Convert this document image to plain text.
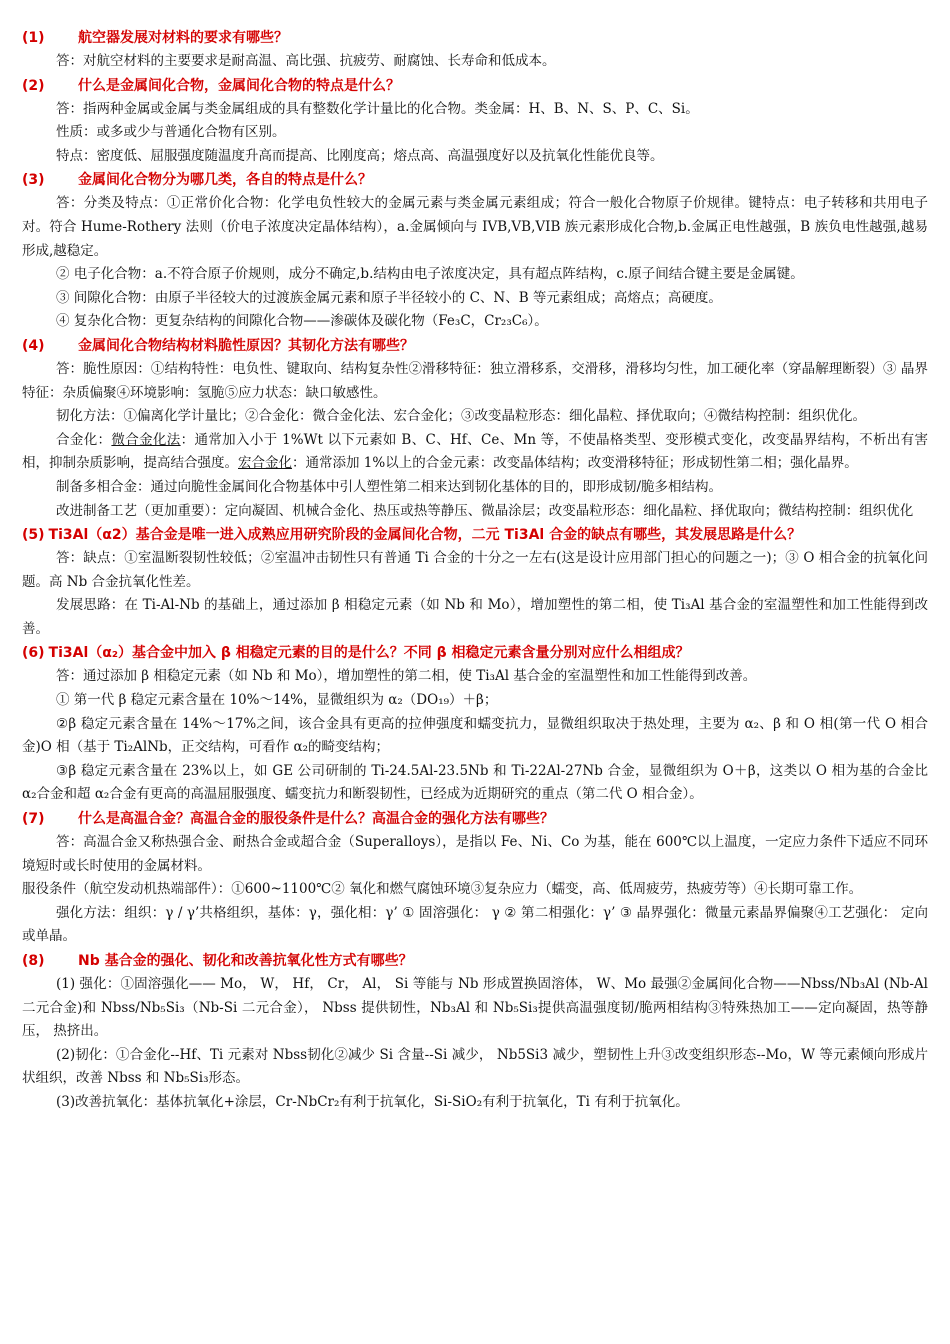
(1) 航空器发展对材料的要求有哪些？

答：对航空材料的主要要求是耐高温、高比强、抗疲劳、耐腐蚀、长寿命和低成本。

(2) 什么是金属间化合物，金属间化合物的特点是什么？

答：指两种金属或金属与类金属组成的具有整数化学计量比的化合物。类金属：H、B、N、S、P、C、Si。

性质：或多或少与普通化合物有区别。

特点：密度低、屈服强度随温度升高而提高、比刚度高；熔点高、高温强度好以及抗氧化性能优良等。

(3) 金属间化合物分为哪几类，各自的特点是什么？

答：分类及特点：①正常价化合物：化学电负性较大的金属元素与类金属元素组成；符合一般化合物原子价规律。键特点：电子转移和共用电子对。符合 Hume-Rothery 法则（价电子浓度决定晶体结构），a.金属倾向与 IVB,VB,VIB 族元素形成化合物,b.金属正电性越强，B 族负电性越强,越易形成,越稳定。

② 电子化合物：a.不符合原子价规则，成分不确定,b.结构由电子浓度决定，具有超点阵结构，c.原子间结合键主要是金属键。

③ 间隙化合物：由原子半径较大的过渡族金属元素和原子半径较小的 C、N、B 等元素组成；高熔点；高硬度。

④ 复杂化合物：更复杂结构的间隙化合物——渗碳体及碳化物（Fe₃C，Cr₂₃C₆）。

(4) 金属间化合物结构材料脆性原因？其韧化方法有哪些？

答：脆性原因：①结构特性：电负性、键取向、结构复杂性②滑移特征：独立滑移系，交滑移，滑移均匀性，加工硬化率（穿晶解理断裂）③ 晶界特征：杂质偏聚④环境影响：氢脆⑤应力状态：缺口敏感性。

韧化方法：①偏离化学计量比；②合金化：微合金化法、宏合金化；③改变晶粒形态：细化晶粒、择优取向；④微结构控制：组织优化。

合金化：微合金化法：通常加入小于 1%Wt 以下元素如 B、C、Hf、Ce、Mn 等，不使晶格类型、变形模式变化，改变晶界结构，不析出有害相，抑制杂质影响，提高结合强度。宏合金化：通常添加 1%以上的合金元素：改变晶体结构；改变滑移特征；形成韧性第二相；强化晶界。

制备多相合金：通过向脆性金属间化合物基体中引人塑性第二相来达到韧化基体的目的，即形成韧/脆多相结构。

改进制备工艺（更加重要）：定向凝固、机械合金化、热压或热等静压、微晶涂层；改变晶粒形态：细化晶粒、择优取向；微结构控制：组织优化

(5) Ti3Al（α2）基合金是唯一进入成熟应用研究阶段的金属间化合物，二元 Ti3Al 合金的缺点有哪些，其发展思路是什么？

答：缺点：①室温断裂韧性较低；②室温冲击韧性只有普通 Ti 合金的十分之一左右(这是设计应用部门担心的问题之一)；③ O 相合金的抗氧化问题。高 Nb 合金抗氧化性差。

发展思路：在 Ti-Al-Nb 的基础上，通过添加 β 相稳定元素（如 Nb 和 Mo），增加塑性的第二相，使 Ti₃Al 基合金的室温塑性和加工性能得到改善。

(6) Ti3Al（α₂）基合金中加入 β 相稳定元素的目的是什么？不同 β 相稳定元素含量分别对应什么相组成？

答：通过添加 β 相稳定元素（如 Nb 和 Mo），增加塑性的第二相，使 Ti₃Al 基合金的室温塑性和加工性能得到改善。

① 第一代 β 稳定元素含量在 10%～14%，显微组织为 α₂（DO₁₉）＋β；

②β 稳定元素含量在 14%～17%之间，该合金具有更高的拉伸强度和蠕变抗力，显微组织取决于热处理，主要为 α₂、β 和 O 相(第一代 O 相合金)O 相（基于 Ti₂AlNb，正交结构，可看作 α₂的畸变结构；

③β 稳定元素含量在 23%以上，如 GE 公司研制的 Ti-24.5Al-23.5Nb 和 Ti-22Al-27Nb 合金，显微组织为 O＋β，这类以 O 相为基的合金比 α₂合金和超 α₂合金有更高的高温屈服强度、蠕变抗力和断裂韧性，已经成为近期研究的重点（第二代 O 相合金）。

(7) 什么是高温合金？高温合金的服役条件是什么？高温合金的强化方法有哪些？

答：高温合金又称热强合金、耐热合金或超合金（Superalloys），是指以 Fe、Ni、Co 为基，能在 600℃以上温度，一定应力条件下适应不同环境短时或长时使用的金属材料。

服役条件（航空发动机热端部件）：①600~1100℃② 氧化和燃气腐蚀环境③复杂应力（蠕变，高、低周疲劳，热疲劳等）④长期可靠工作。

强化方法：组织：γ / γ’共格组织，基体：γ，强化相：γ’ ① 固溶强化： γ ② 第二相强化：γ’ ③ 晶界强化：微量元素晶界偏聚④工艺强化： 定向或单晶。

(8) Nb 基合金的强化、韧化和改善抗氧化性方式有哪些？

(1) 强化：①固溶强化—— Mo， W， Hf， Cr， Al， Si 等能与 Nb 形成置换固溶体， W、Mo 最强②金属间化合物——Nbss/Nb₃Al (Nb-Al 二元合金)和 Nbss/Nb₅Si₃（Nb-Si 二元合金）， Nbss 提供韧性，Nb₃Al 和 Nb₅Si₃提供高温强度韧/脆两相结构③特殊热加工——定向凝固，热等静压， 热挤出。

(2)韧化：①合金化--Hf、Ti 元素对 Nbss韧化②减少 Si 含量--Si 减少， Nb5Si3 减少，塑韧性上升③改变组织形态--Mo，W 等元素倾向形成片状组织，改善 Nbss 和 Nb₅Si₃形态。

(3)改善抗氧化：基体抗氧化+涂层，Cr-NbCr₂有利于抗氧化，Si-SiO₂有利于抗氧化，Ti 有利于抗氧化。
